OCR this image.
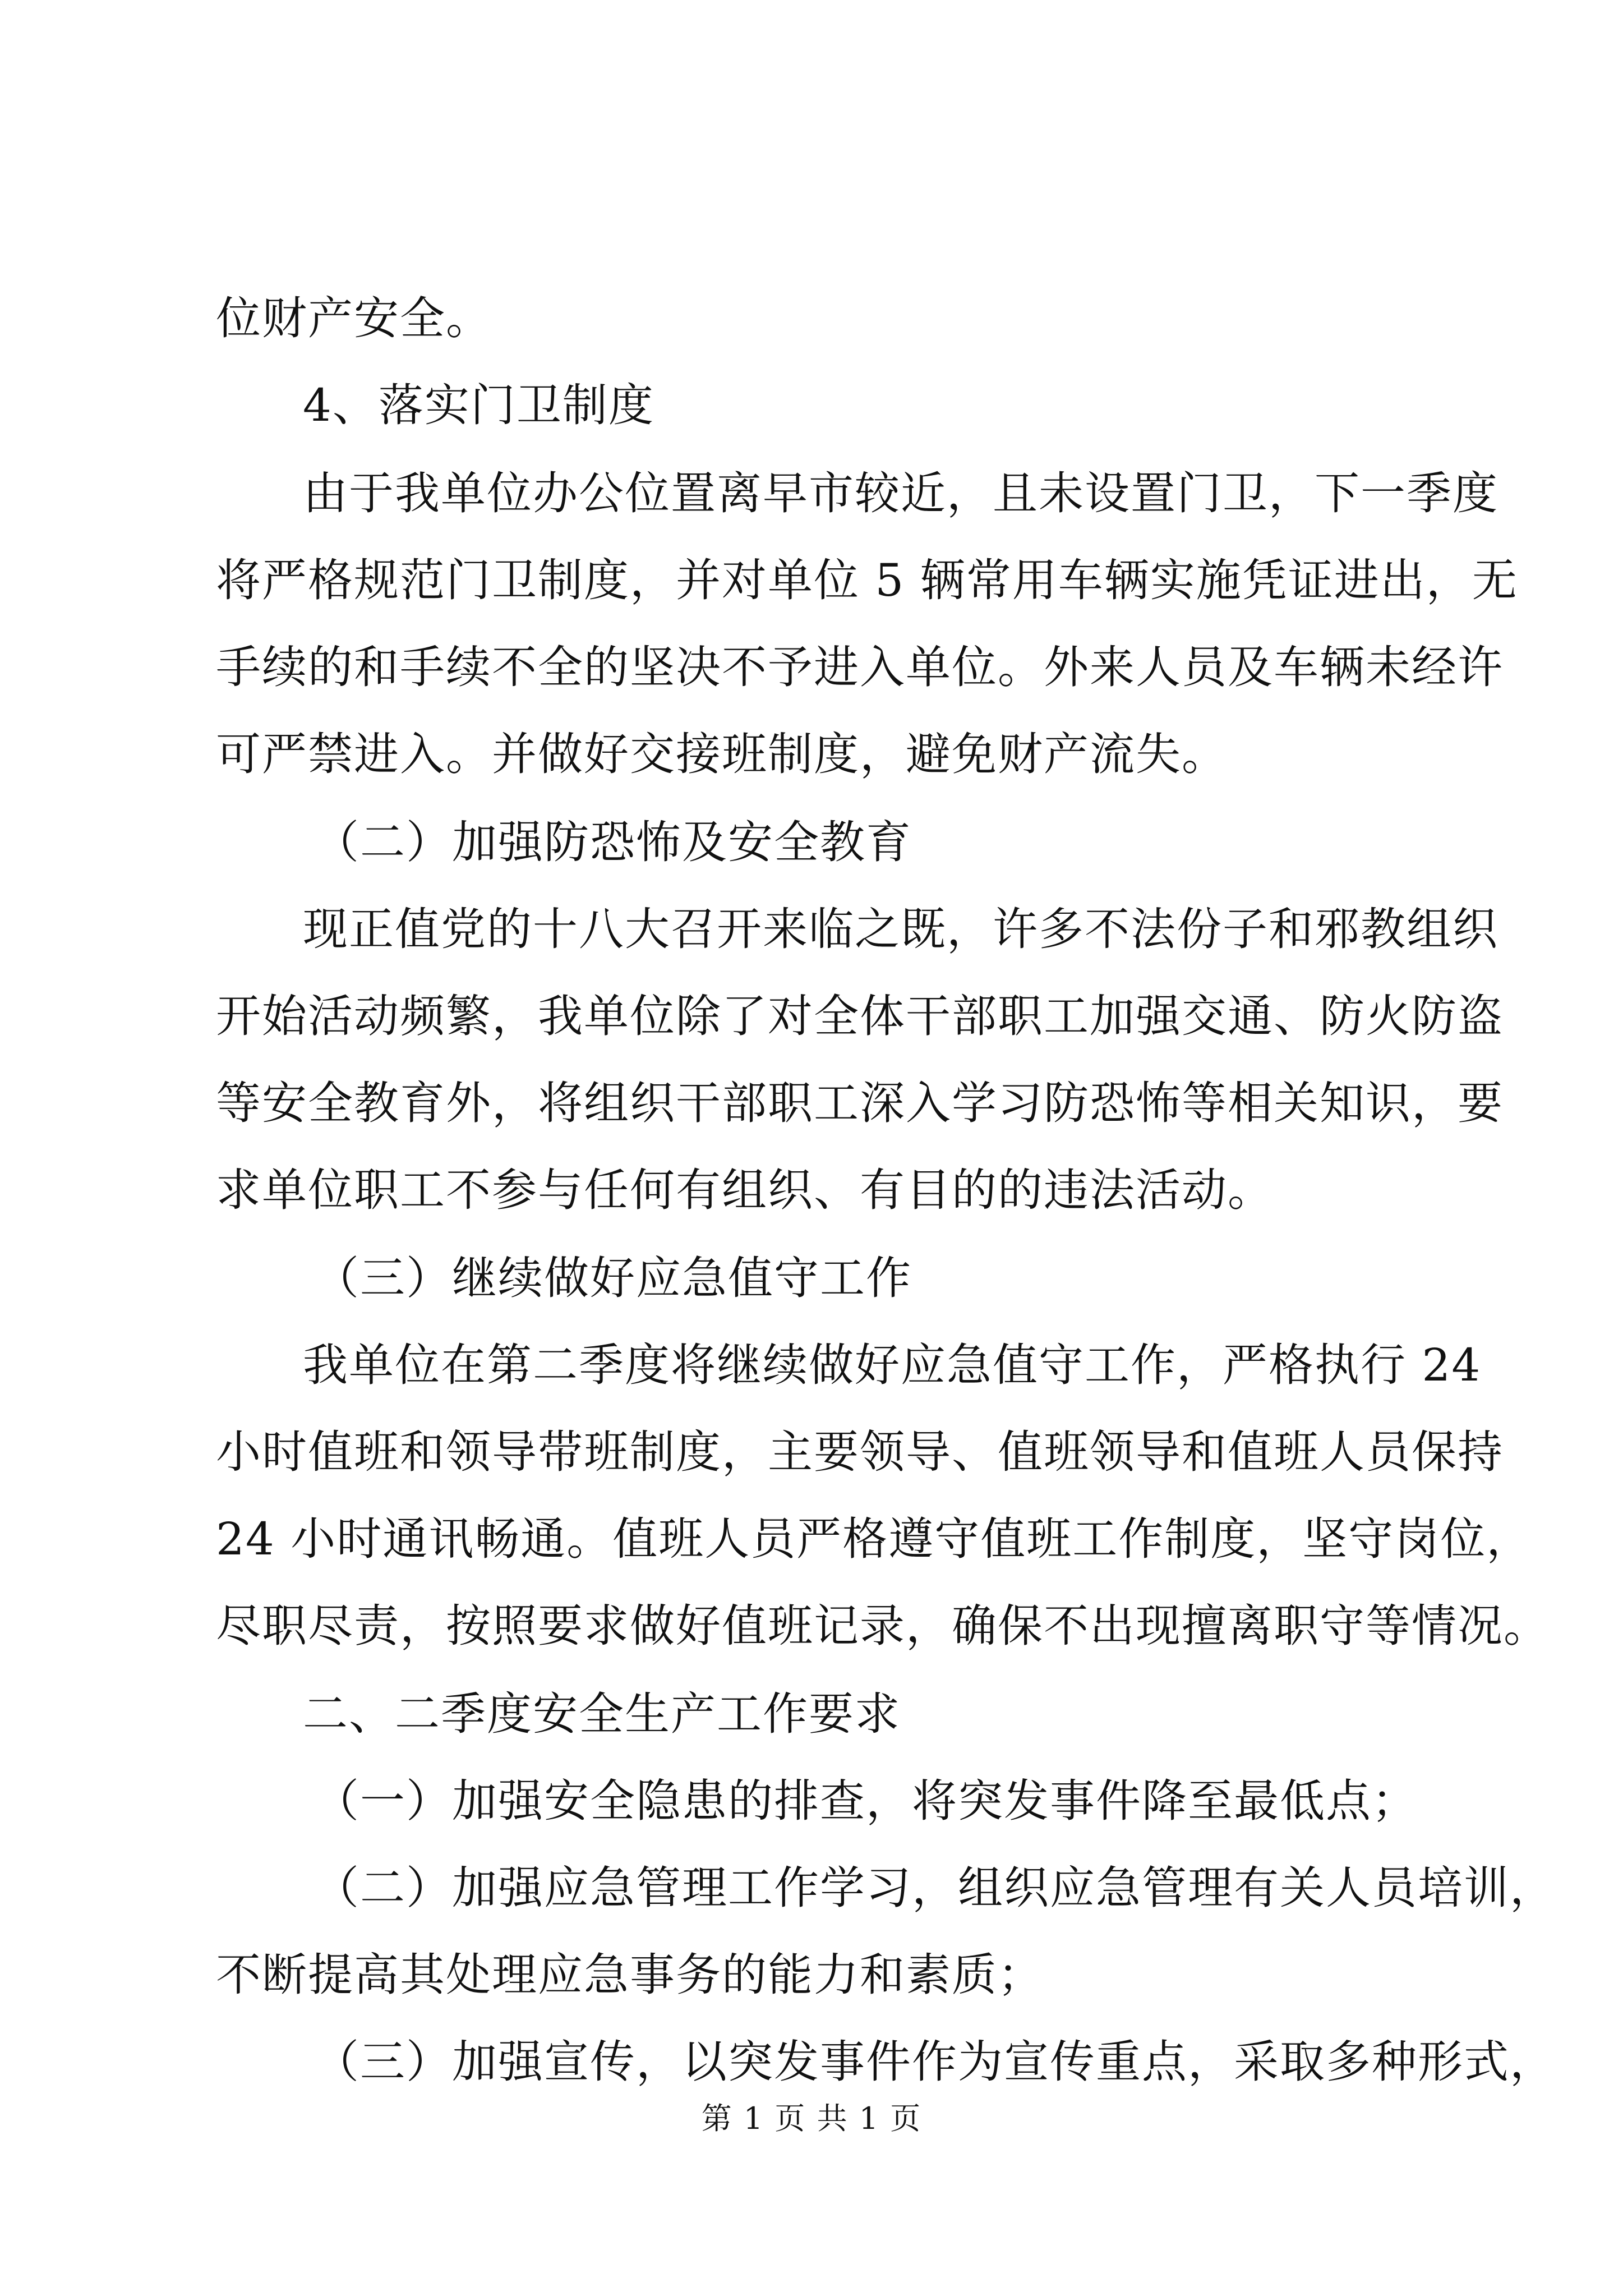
位财产安全。
4、落实门卫制度
由于我单位办公位置离早市较近，且未设置门卫，下一季度
将严格规范门卫制度，并对单位 5 辆常用车辆实施凭证进出，无
手续的和手续不全的坚决不予进入单位。外来人员及车辆未经许
可严禁进入。并做好交接班制度，避免财产流失。
（二）加强防恐怖及安全教育
现正值党的十八大召开来临之既，许多不法份子和邪教组织
开始活动频繁，我单位除了对全体干部职工加强交通、防火防盗
等安全教育外，将组织干部职工深入学习防恐怖等相关知识，要
求单位职工不参与任何有组织、有目的的违法活动。
（三）继续做好应急值守工作
我单位在第二季度将继续做好应急值守工作，严格执行 24
小时值班和领导带班制度，主要领导、值班领导和值班人员保持
24 小时通讯畅通。值班人员严格遵守值班工作制度，坚守岗位，
尽职尽责，按照要求做好值班记录，确保不出现擅离职守等情况。
二、二季度安全生产工作要求
（一）加强安全隐患的排查，将突发事件降至最低点；
（二）加强应急管理工作学习，组织应急管理有关人员培训，
不断提高其处理应急事务的能力和素质；
（三）加强宣传，以突发事件作为宣传重点，采取多种形式，
第 1 页 共 1 页
